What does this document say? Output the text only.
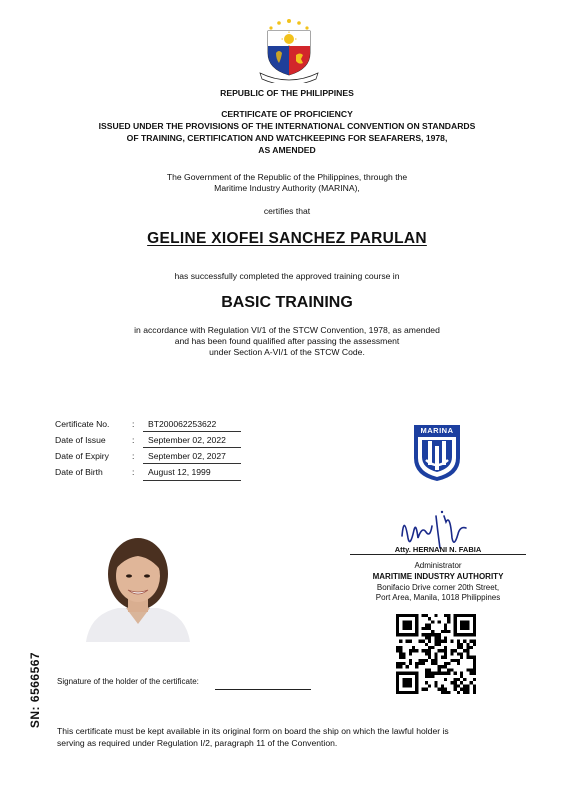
REPUBLIC OF THE PHILIPPINES
CERTIFICATE OF PROFICIENCY
ISSUED UNDER THE PROVISIONS OF THE INTERNATIONAL CONVENTION ON STANDARDS
OF TRAINING, CERTIFICATION AND WATCHKEEPING FOR SEAFARERS, 1978,
AS AMENDED
The Government of the Republic of the Philippines, through the
Maritime Industry Authority (MARINA),
certifies that
GELINE XIOFEI SANCHEZ PARULAN
has successfully completed the approved training course in
BASIC TRAINING
in accordance with Regulation VI/1 of the STCW Convention, 1978, as amended
and has been found qualified after passing the assessment
under Section A-VI/1 of the STCW Code.
Certificate No.	: BT200062253622
Date of Issue	: September 02, 2022
Date of Expiry	: September 02, 2027
Date of Birth	: August 12, 1999
MARINA
Atty. HERNANI N. FABIA
Administrator
MARITIME INDUSTRY AUTHORITY
Bonifacio Drive corner 20th Street,
Port Area, Manila, 1018 Philippines
Signature of the holder of the certificate:
SN: 6566567
This certificate must be kept available in its original form on board the ship on which the lawful holder is
serving as required under Regulation I/2, paragraph 11 of the Convention.
